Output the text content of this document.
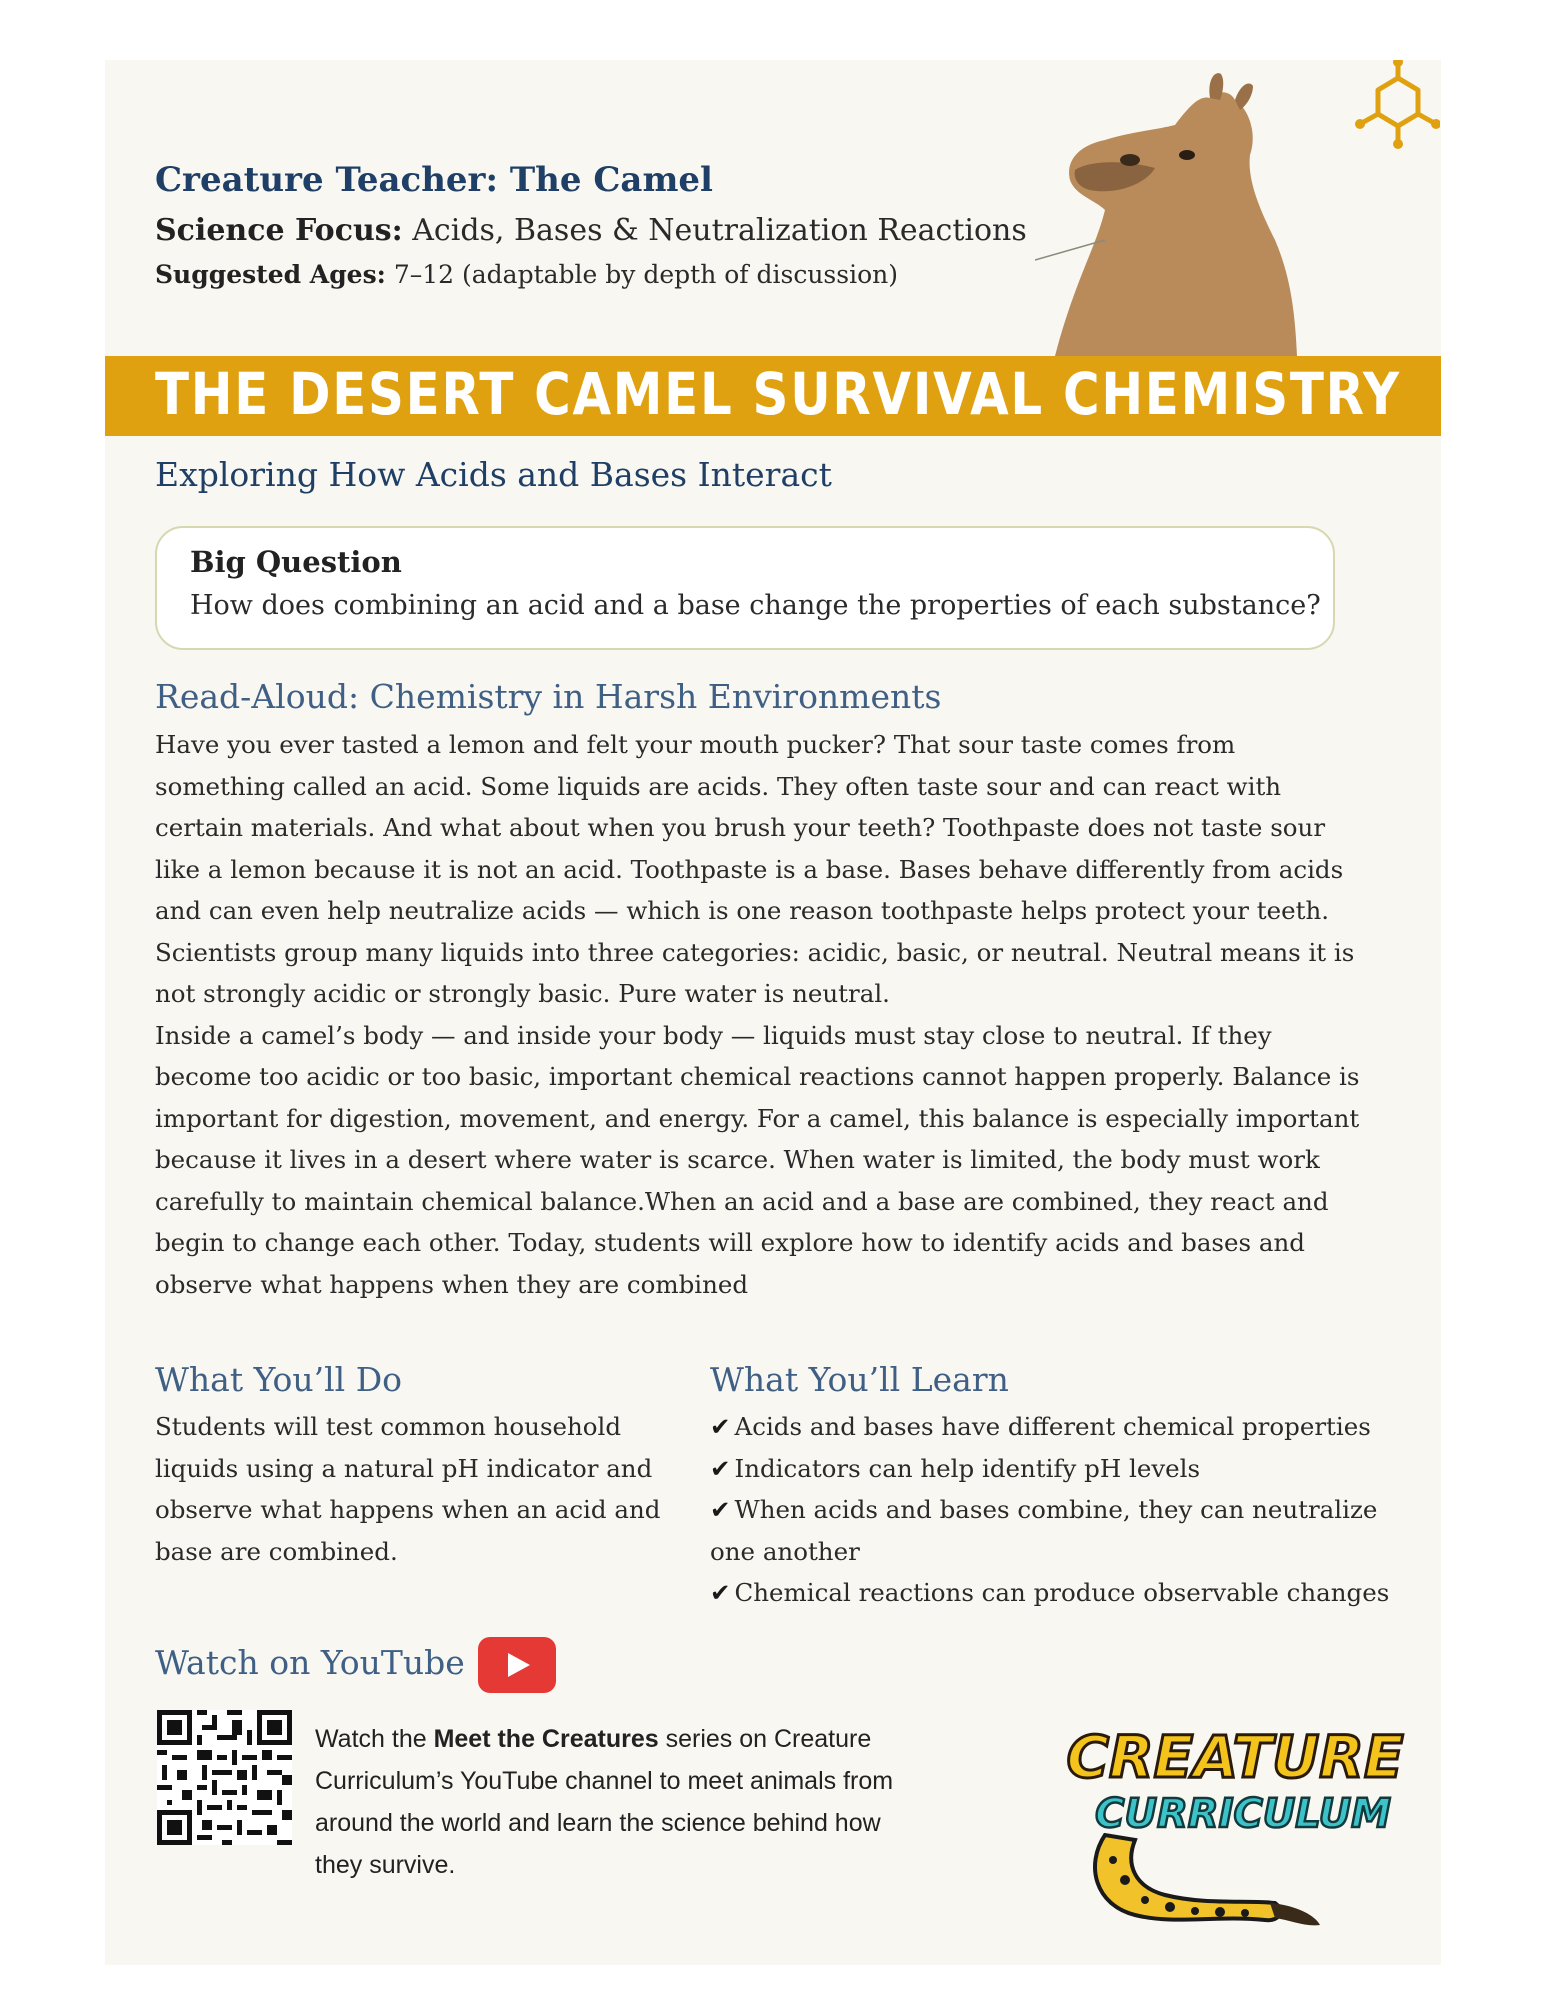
Creature Teacher: The Camel
Science Focus: Acids, Bases & Neutralization Reactions
Suggested Ages: 7–12 (adaptable by depth of discussion)
THE DESERT CAMEL SURVIVAL CHEMISTRY
Exploring How Acids and Bases Interact
Big Question
How does combining an acid and a base change the properties of each substance?
Read-Aloud: Chemistry in Harsh Environments

Have you ever tasted a lemon and felt your mouth pucker? That sour taste comes from something called an acid. Some liquids are acids. They often taste sour and can react with certain materials. And what about when you brush your teeth? Toothpaste does not taste sour like a lemon because it is not an acid. Toothpaste is a base. Bases behave differently from acids and can even help neutralize acids — which is one reason toothpaste helps protect your teeth.

Scientists group many liquids into three categories: acidic, basic, or neutral. Neutral means it is not strongly acidic or strongly basic. Pure water is neutral.

Inside a camel’s body — and inside your body — liquids must stay close to neutral. If they become too acidic or too basic, important chemical reactions cannot happen properly. Balance is important for digestion, movement, and energy. For a camel, this balance is especially important because it lives in a desert where water is scarce. When water is limited, the body must work carefully to maintain chemical balance.When an acid and a base are combined, they react and begin to change each other. Today, students will explore how to identify acids and bases and observe what happens when they are combined

What You’ll Do
Students will test common household liquids using a natural pH indicator and observe what happens when an acid and base are combined.
What You’ll Learn
✔ Acids and bases have different chemical properties
✔ Indicators can help identify pH levels
✔ When acids and bases combine, they can neutralize one another
✔ Chemical reactions can produce observable changes
Watch on YouTube
Watch the Meet the Creatures series on Creature Curriculum’s YouTube channel to meet animals from around the world and learn the science behind how they survive.
CREATURE
CURRICULUM
